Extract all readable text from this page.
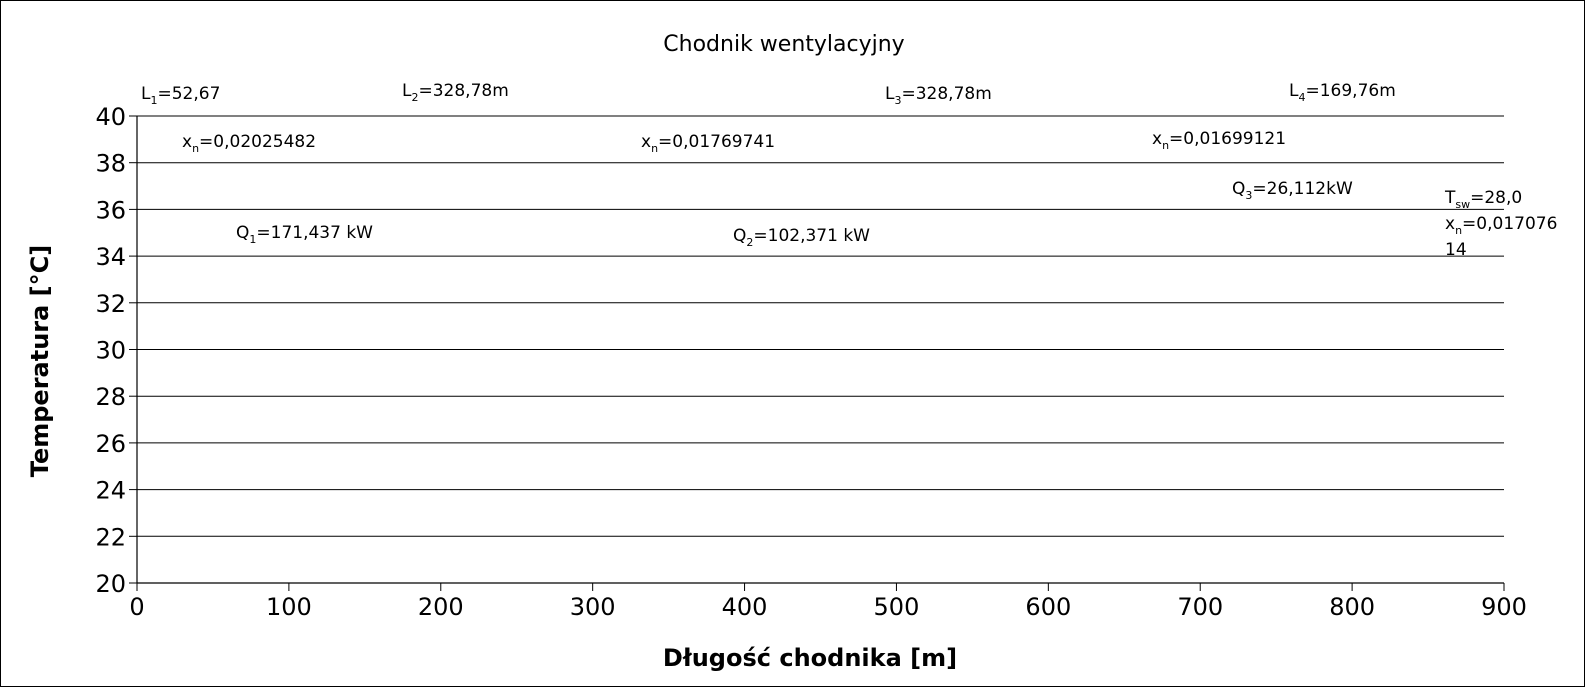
Chodnik wentylacyjny
20
22
24
26
28
30
32
34
36
38
40
0	100	200	300	400	500	600	700	800	900
$L_1=52,67$	$L_2=328,78m$	$L_3=328,78m$	$L_4=169,76m$
$x_n=0,02025482$	$x_n=0,01769741$	$x_n=0,01699121$
$Q_1=171,437$ kW	$Q_2=102,371$ kW
$Q_3=26,112kW$	$T_{sw}=28,0$
$x_n=0,017076$
14
Długość chodnika [m]
Temperatura [°C]
